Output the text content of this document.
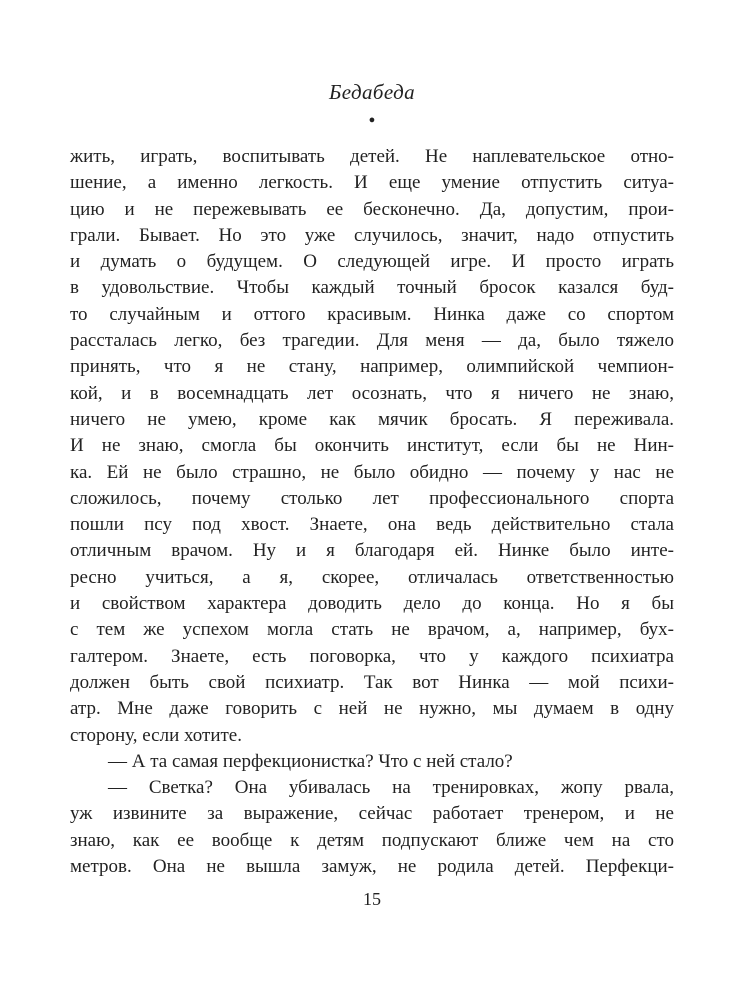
Бедабеда
●
жить, играть, воспитывать детей. Не наплевательское отно-
шение, а именно легкость. И еще умение отпустить ситуа-
цию и не пережевывать ее бесконечно. Да, допустим, прои-
грали. Бывает. Но это уже случилось, значит, надо отпустить
и думать о будущем. О следующей игре. И просто играть
в удовольствие. Чтобы каждый точный бросок казался буд-
то случайным и оттого красивым. Нинка даже со спортом
рассталась легко, без трагедии. Для меня — да, было тяжело
принять, что я не стану, например, олимпийской чемпион-
кой, и в восемнадцать лет осознать, что я ничего не знаю,
ничего не умею, кроме как мячик бросать. Я переживала.
И не знаю, смогла бы окончить институт, если бы не Нин-
ка. Ей не было страшно, не было обидно — почему у нас не
сложилось, почему столько лет профессионального спорта
пошли псу под хвост. Знаете, она ведь действительно стала
отличным врачом. Ну и я благодаря ей. Нинке было инте-
ресно учиться, а я, скорее, отличалась ответственностью
и свойством характера доводить дело до конца. Но я бы
с тем же успехом могла стать не врачом, а, например, бух-
галтером. Знаете, есть поговорка, что у каждого психиатра
должен быть свой психиатр. Так вот Нинка — мой психи-
атр. Мне даже говорить с ней не нужно, мы думаем в одну
сторону, если хотите.
— А та самая перфекционистка? Что с ней стало?
— Светка? Она убивалась на тренировках, жопу рвала,
уж извините за выражение, сейчас работает тренером, и не
знаю, как ее вообще к детям подпускают ближе чем на сто
метров. Она не вышла замуж, не родила детей. Перфекци-
15
